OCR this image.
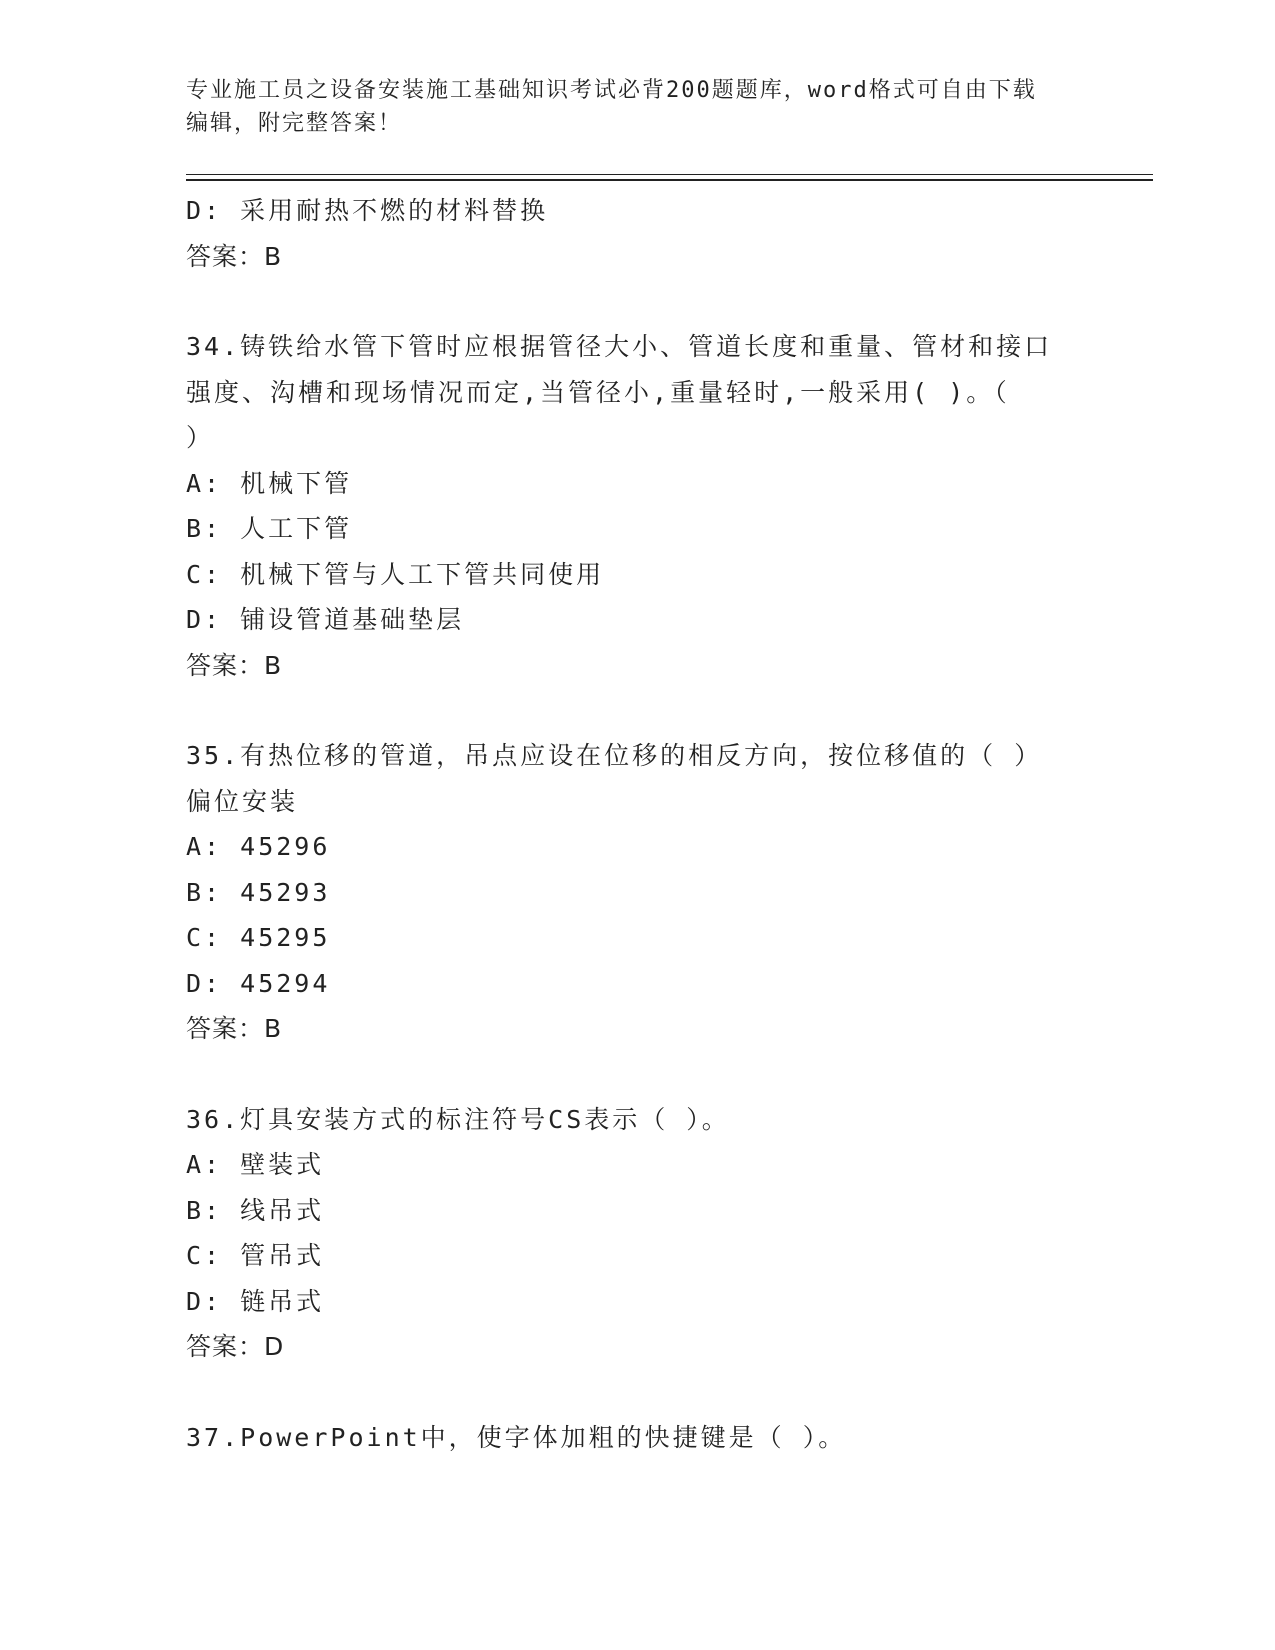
专业施工员之设备安装施工基础知识考试必背200题题库，word格式可自由下载
编辑，附完整答案！
D: 采用耐热不燃的材料替换
答案：B
34.铸铁给水管下管时应根据管径大小、管道长度和重量、管材和接口
强度、沟槽和现场情况而定,当管径小,重量轻时,一般采用( )。（
）
A: 机械下管
B: 人工下管
C: 机械下管与人工下管共同使用
D: 铺设管道基础垫层
答案：B
35.有热位移的管道，吊点应设在位移的相反方向，按位移值的（ ）
偏位安装
A: 45296
B: 45293
C: 45295
D: 45294
答案：B
36.灯具安装方式的标注符号CS表示（ ）。
A: 壁装式
B: 线吊式
C: 管吊式
D: 链吊式
答案：D
37.PowerPoint中，使字体加粗的快捷键是（ ）。
